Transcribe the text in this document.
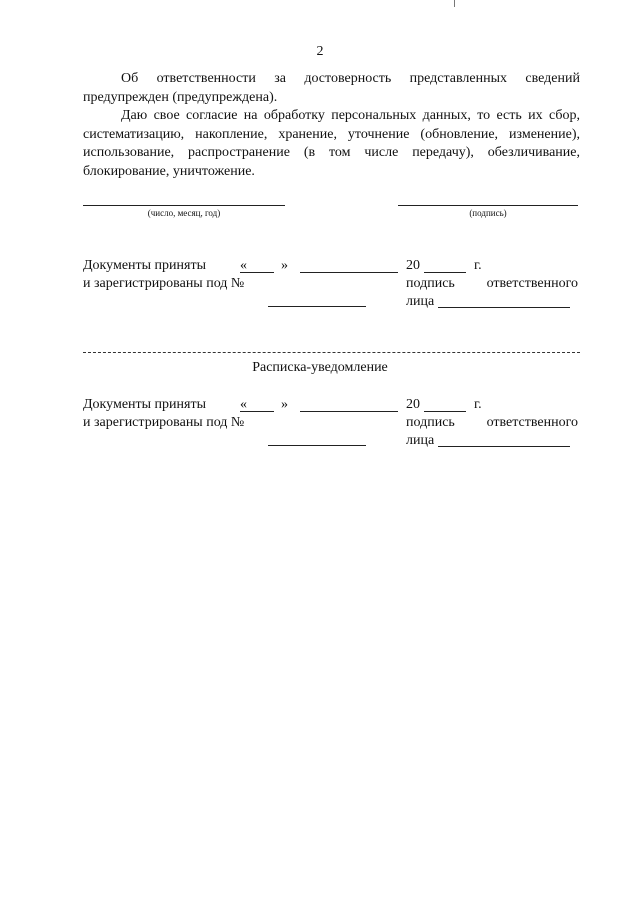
2

Об ответственности за достоверность представленных сведений предупрежден (предупреждена).

Даю свое согласие на обработку персональных данных, то есть их сбор, систематизацию, накопление, хранение, уточнение (обновление, изменение), использование, распространение (в том числе передачу), обезличивание, блокирование, уничтожение.

(число, месяц, год)	(подпись)
Документы приняты « »	20	г.
и зарегистрированы под №	подпись ответственного
лица
Расписка-уведомление
Документы приняты « »	20	г.
и зарегистрированы под №	подпись ответственного
лица
